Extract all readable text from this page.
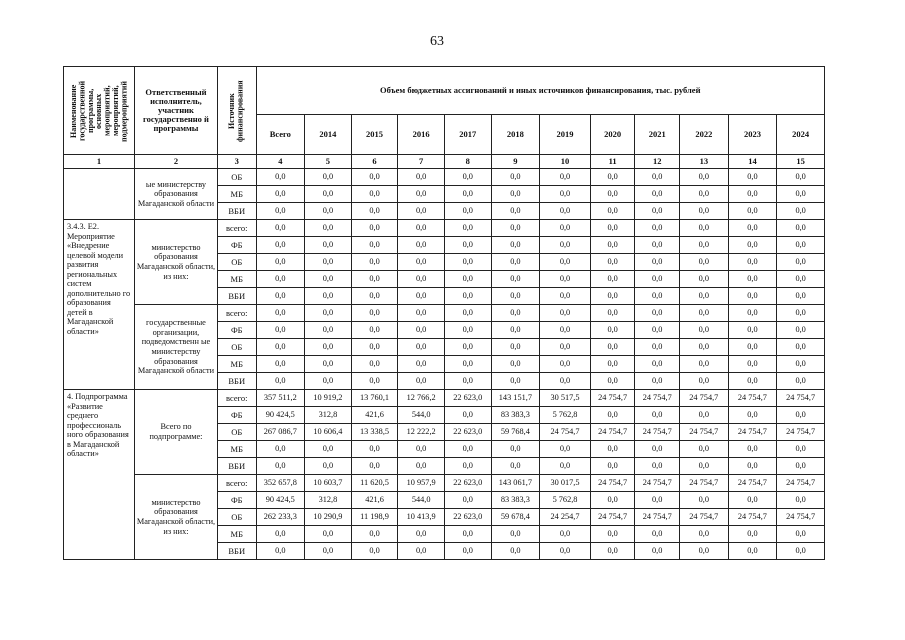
63
Наименование государственной программы, основных мероприятий, мероприятий, подмероприятий	Ответственный исполнитель, участник государственно й программы	Источник финансирования	Объем бюджетных ассигнований и иных источников финансирования, тыс. рублей											
			Всего	2014	2015	2016	2017	2018	2019	2020	2021	2022	2023	2024
1	2	3	4	5	6	7	8	9	10	11	12	13	14	15
	ые министерству образования Магаданской области	ОБ	0,0	0,0	0,0	0,0	0,0	0,0	0,0	0,0	0,0	0,0	0,0	0,0
		МБ	0,0	0,0	0,0	0,0	0,0	0,0	0,0	0,0	0,0	0,0	0,0	0,0
		ВБИ	0,0	0,0	0,0	0,0	0,0	0,0	0,0	0,0	0,0	0,0	0,0	0,0
3.4.3. Е2. Мероприятие «Внедрение целевой модели развития региональных систем дополнительно го образования детей в Магаданской области»	министерство образования Магаданской области, из них:	всего:	0,0	0,0	0,0	0,0	0,0	0,0	0,0	0,0	0,0	0,0	0,0	0,0
		ФБ	0,0	0,0	0,0	0,0	0,0	0,0	0,0	0,0	0,0	0,0	0,0	0,0
		ОБ	0,0	0,0	0,0	0,0	0,0	0,0	0,0	0,0	0,0	0,0	0,0	0,0
		МБ	0,0	0,0	0,0	0,0	0,0	0,0	0,0	0,0	0,0	0,0	0,0	0,0
		ВБИ	0,0	0,0	0,0	0,0	0,0	0,0	0,0	0,0	0,0	0,0	0,0	0,0
	государственные организации, подведомственн ые министерству образования Магаданской области	всего:	0,0	0,0	0,0	0,0	0,0	0,0	0,0	0,0	0,0	0,0	0,0	0,0
		ФБ	0,0	0,0	0,0	0,0	0,0	0,0	0,0	0,0	0,0	0,0	0,0	0,0
		ОБ	0,0	0,0	0,0	0,0	0,0	0,0	0,0	0,0	0,0	0,0	0,0	0,0
		МБ	0,0	0,0	0,0	0,0	0,0	0,0	0,0	0,0	0,0	0,0	0,0	0,0
		ВБИ	0,0	0,0	0,0	0,0	0,0	0,0	0,0	0,0	0,0	0,0	0,0	0,0
4. Подпрограмма «Развитие среднего профессиональ ного образования в Магаданской области»	Всего по подпрограмме:	всего:	357 511,2	10 919,2	13 760,1	12 766,2	22 623,0	143 151,7	30 517,5	24 754,7	24 754,7	24 754,7	24 754,7	24 754,7
		ФБ	90 424,5	312,8	421,6	544,0	0,0	83 383,3	5 762,8	0,0	0,0	0,0	0,0	0,0
		ОБ	267 086,7	10 606,4	13 338,5	12 222,2	22 623,0	59 768,4	24 754,7	24 754,7	24 754,7	24 754,7	24 754,7	24 754,7
		МБ	0,0	0,0	0,0	0,0	0,0	0,0	0,0	0,0	0,0	0,0	0,0	0,0
		ВБИ	0,0	0,0	0,0	0,0	0,0	0,0	0,0	0,0	0,0	0,0	0,0	0,0
	министерство образования Магаданской области, из них:	всего:	352 657,8	10 603,7	11 620,5	10 957,9	22 623,0	143 061,7	30 017,5	24 754,7	24 754,7	24 754,7	24 754,7	24 754,7
		ФБ	90 424,5	312,8	421,6	544,0	0,0	83 383,3	5 762,8	0,0	0,0	0,0	0,0	0,0
		ОБ	262 233,3	10 290,9	11 198,9	10 413,9	22 623,0	59 678,4	24 254,7	24 754,7	24 754,7	24 754,7	24 754,7	24 754,7
		МБ	0,0	0,0	0,0	0,0	0,0	0,0	0,0	0,0	0,0	0,0	0,0	0,0
		ВБИ	0,0	0,0	0,0	0,0	0,0	0,0	0,0	0,0	0,0	0,0	0,0	0,0
